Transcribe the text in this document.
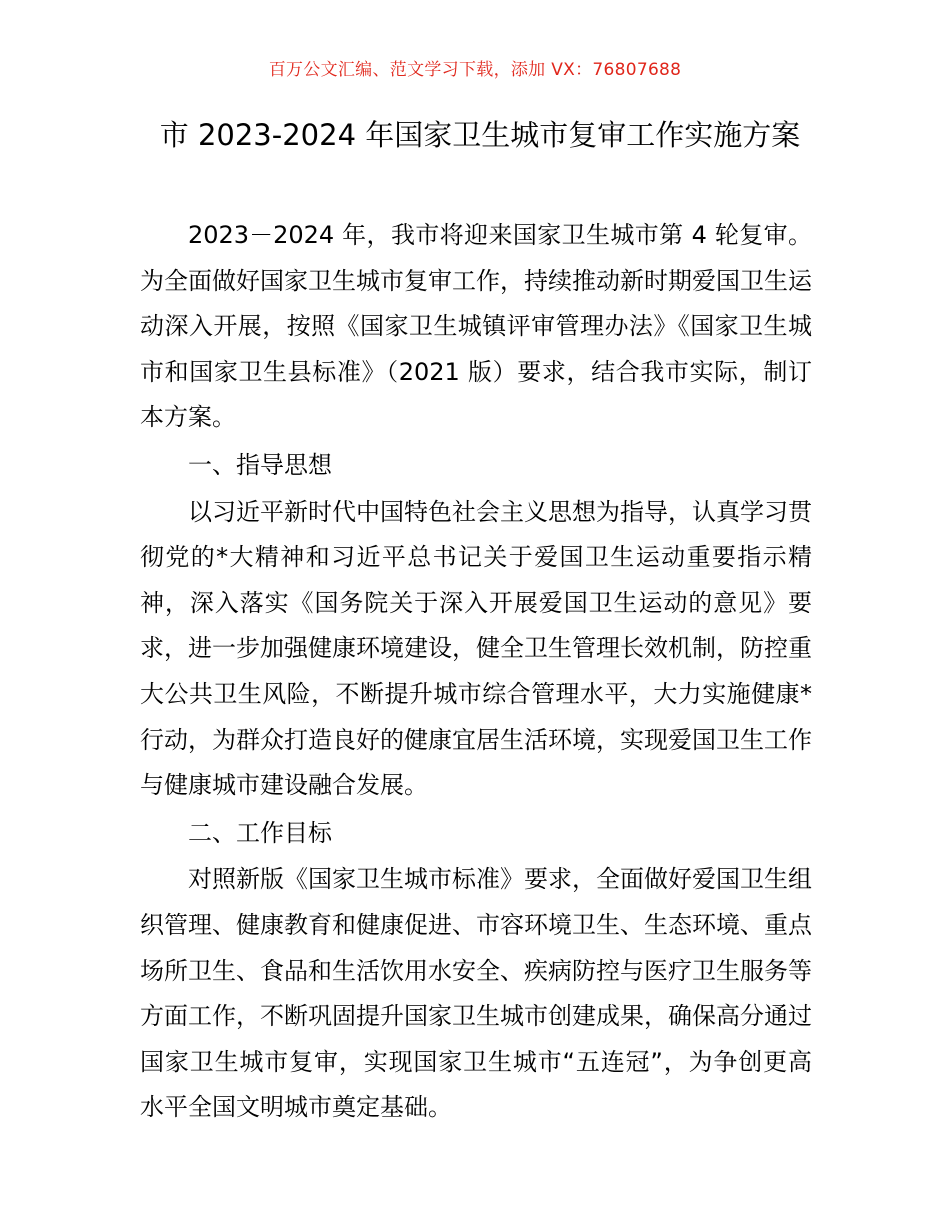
百万公文汇编、范文学习下载，添加 VX：76807688
市 2023-2024 年国家卫生城市复审工作实施方案

2023－2024 年，我市将迎来国家卫生城市第 4 轮复审。为全面做好国家卫生城市复审工作，持续推动新时期爱国卫生运动深入开展，按照《国家卫生城镇评审管理办法》《国家卫生城市和国家卫生县标准》（2021 版）要求，结合我市实际，制订本方案。

一、指导思想

以习近平新时代中国特色社会主义思想为指导，认真学习贯彻党的*大精神和习近平总书记关于爱国卫生运动重要指示精神，深入落实《国务院关于深入开展爱国卫生运动的意见》要求，进一步加强健康环境建设，健全卫生管理长效机制，防控重大公共卫生风险，不断提升城市综合管理水平，大力实施健康*行动，为群众打造良好的健康宜居生活环境，实现爱国卫生工作与健康城市建设融合发展。

二、工作目标

对照新版《国家卫生城市标准》要求，全面做好爱国卫生组织管理、健康教育和健康促进、市容环境卫生、生态环境、重点场所卫生、食品和生活饮用水安全、疾病防控与医疗卫生服务等方面工作，不断巩固提升国家卫生城市创建成果，确保高分通过国家卫生城市复审，实现国家卫生城市“五连冠”，为争创更高水平全国文明城市奠定基础。
